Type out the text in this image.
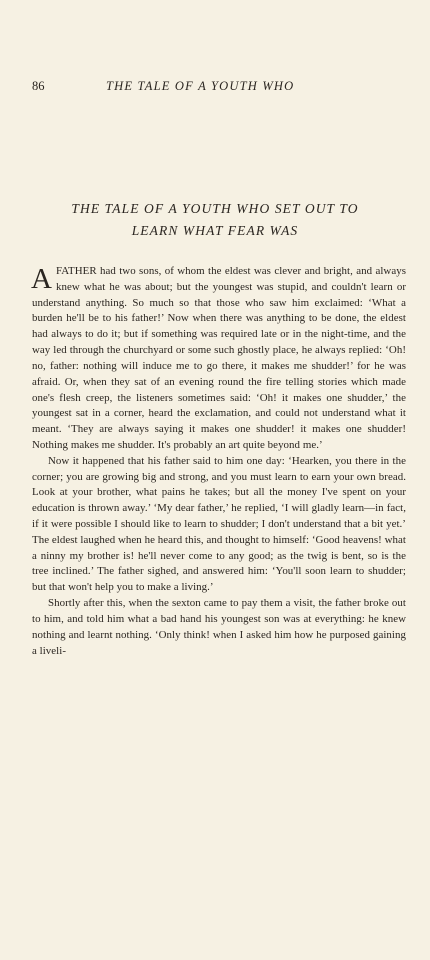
86	THE TALE OF A YOUTH WHO
THE TALE OF A YOUTH WHO SET OUT TO
LEARN WHAT FEAR WAS

A FATHER had two sons, of whom the eldest was clever and bright, and always knew what he was about; but the youngest was stupid, and couldn't learn or understand anything. So much so that those who saw him exclaimed: ‘What a burden he'll be to his father!’ Now when there was anything to be done, the eldest had always to do it; but if something was required late or in the night-time, and the way led through the churchyard or some such ghostly place, he always replied: ‘Oh! no, father: nothing will induce me to go there, it makes me shudder!’ for he was afraid. Or, when they sat of an evening round the fire telling stories which made one's flesh creep, the listeners sometimes said: ‘Oh! it makes one shudder,’ the youngest sat in a corner, heard the exclamation, and could not understand what it meant. ‘They are always saying it makes one shudder! it makes one shudder! Nothing makes me shudder. It's probably an art quite beyond me.’

Now it happened that his father said to him one day: ‘Hearken, you there in the corner; you are growing big and strong, and you must learn to earn your own bread. Look at your brother, what pains he takes; but all the money I've spent on your education is thrown away.’ ‘My dear father,’ he replied, ‘I will gladly learn—in fact, if it were possible I should like to learn to shudder; I don't understand that a bit yet.’ The eldest laughed when he heard this, and thought to himself: ‘Good heavens! what a ninny my brother is! he'll never come to any good; as the twig is bent, so is the tree inclined.’ The father sighed, and answered him: ‘You'll soon learn to shudder; but that won't help you to make a living.’

Shortly after this, when the sexton came to pay them a visit, the father broke out to him, and told him what a bad hand his youngest son was at everything: he knew nothing and learnt nothing. ‘Only think! when I asked him how he purposed gaining a liveli-
